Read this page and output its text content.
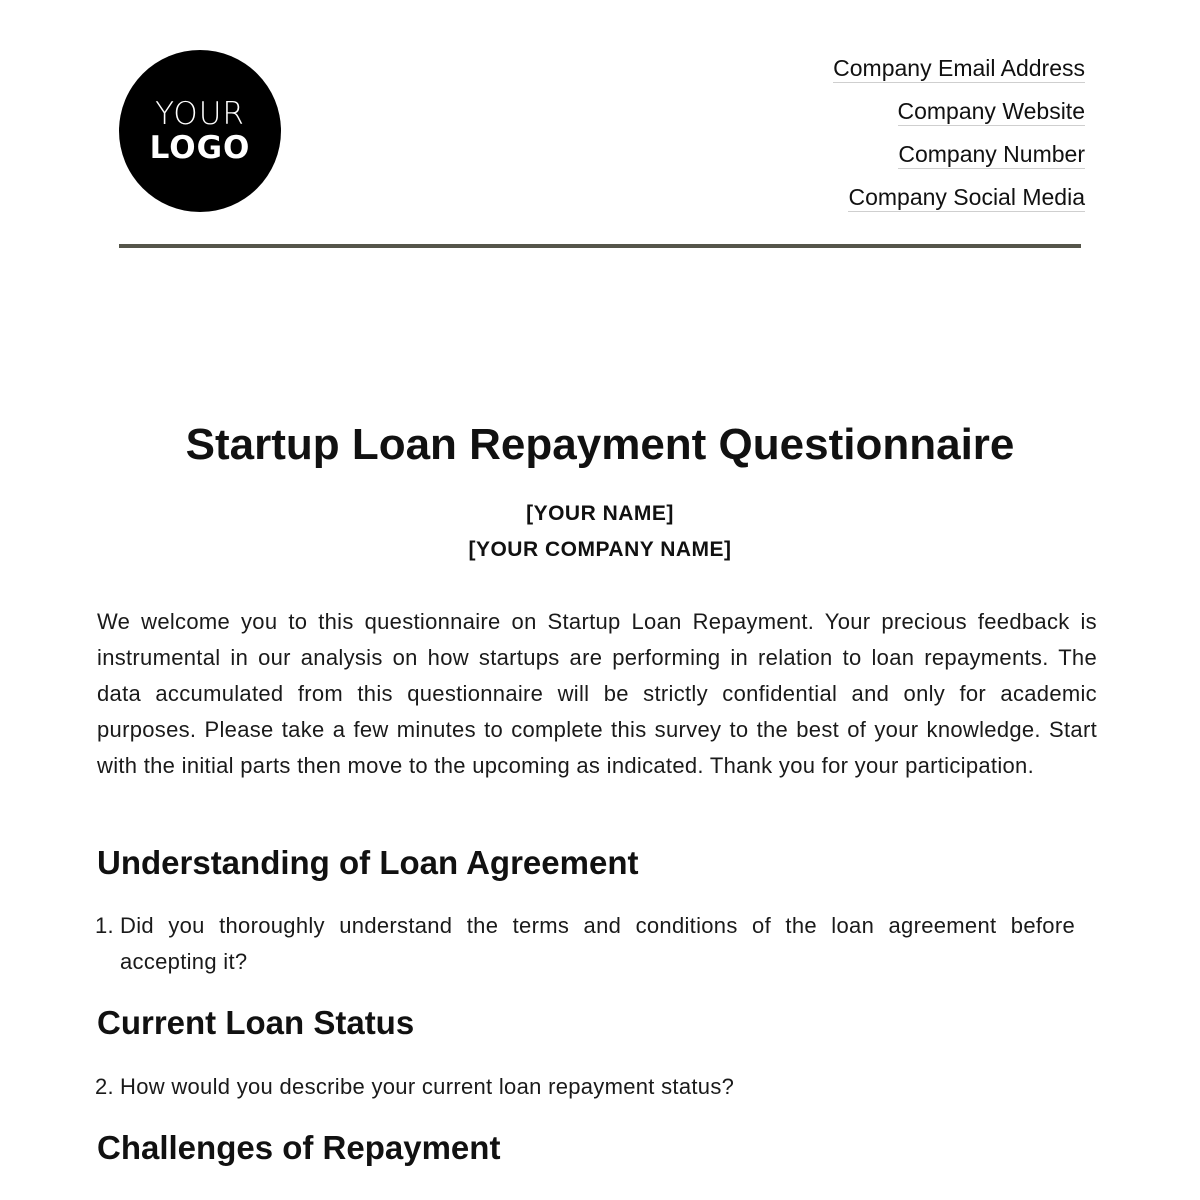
YOUR
LOGO
Company Email Address
Company Website
Company Number
Company Social Media
Startup Loan Repayment Questionnaire
[YOUR NAME]
[YOUR COMPANY NAME]

We welcome you to this questionnaire on Startup Loan Repayment. Your precious feedback is instrumental in our analysis on how startups are performing in relation to loan repayments. The data accumulated from this questionnaire will be strictly confidential and only for academic purposes. Please take a few minutes to complete this survey to the best of your knowledge. Start with the initial parts then move to the upcoming as indicated. Thank you for your participation.

Understanding of Loan Agreement
1. Did you thoroughly understand the terms and conditions of the loan agreement before accepting it?
Current Loan Status
2. How would you describe your current loan repayment status?
Challenges of Repayment
